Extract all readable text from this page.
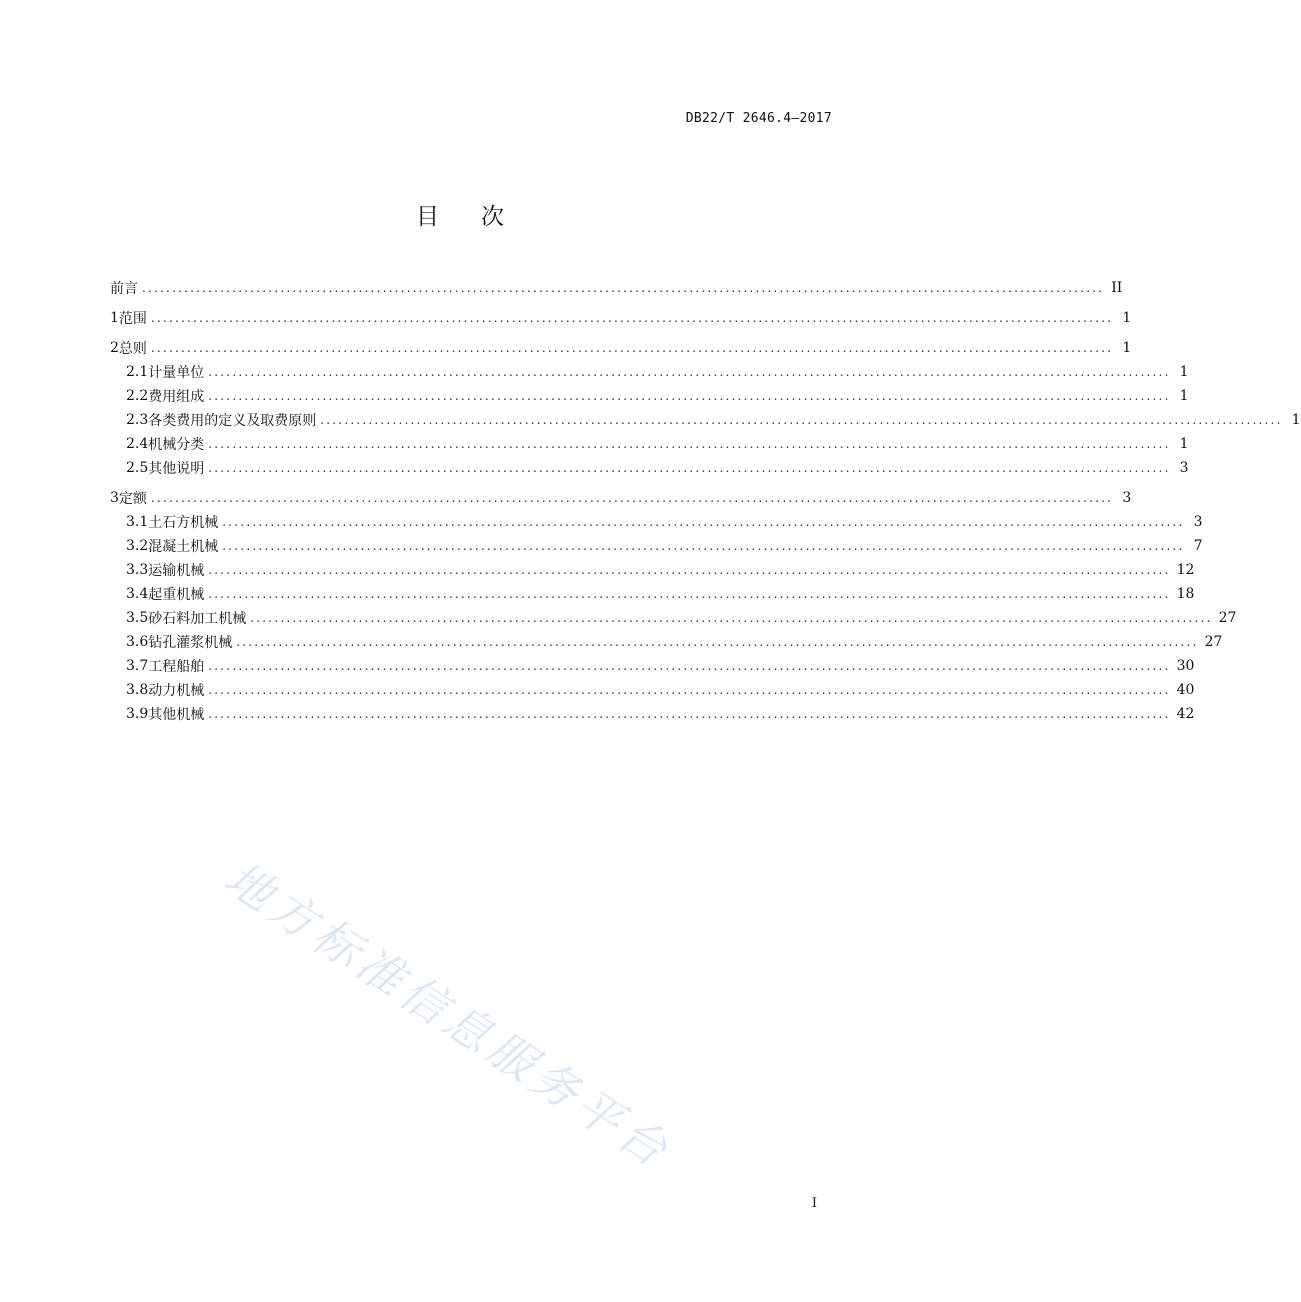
DB22/T 2646.4—2017
目 次
前言 ................................................................................................................................................................ II
1 范围 ................................................................................................................................................................ 1
2 总则 ................................................................................................................................................................ 1
2.1 计量单位 ................................................................................................................................................................ 1
2.2 费用组成 ................................................................................................................................................................ 1
2.3 各类费用的定义及取费原则 ................................................................................................................................................................ 1
2.4 机械分类 ................................................................................................................................................................ 1
2.5 其他说明 ................................................................................................................................................................ 3
3 定额 ................................................................................................................................................................ 3
3.1 土石方机械 ................................................................................................................................................................ 3
3.2 混凝土机械 ................................................................................................................................................................ 7
3.3 运输机械 ................................................................................................................................................................ 12
3.4 起重机械 ................................................................................................................................................................ 18
3.5 砂石料加工机械 ................................................................................................................................................................ 27
3.6 钻孔灌浆机械 ................................................................................................................................................................ 27
3.7 工程船舶 ................................................................................................................................................................ 30
3.8 动力机械 ................................................................................................................................................................ 40
3.9 其他机械 ................................................................................................................................................................ 42
地方标准信息服务平台
I
